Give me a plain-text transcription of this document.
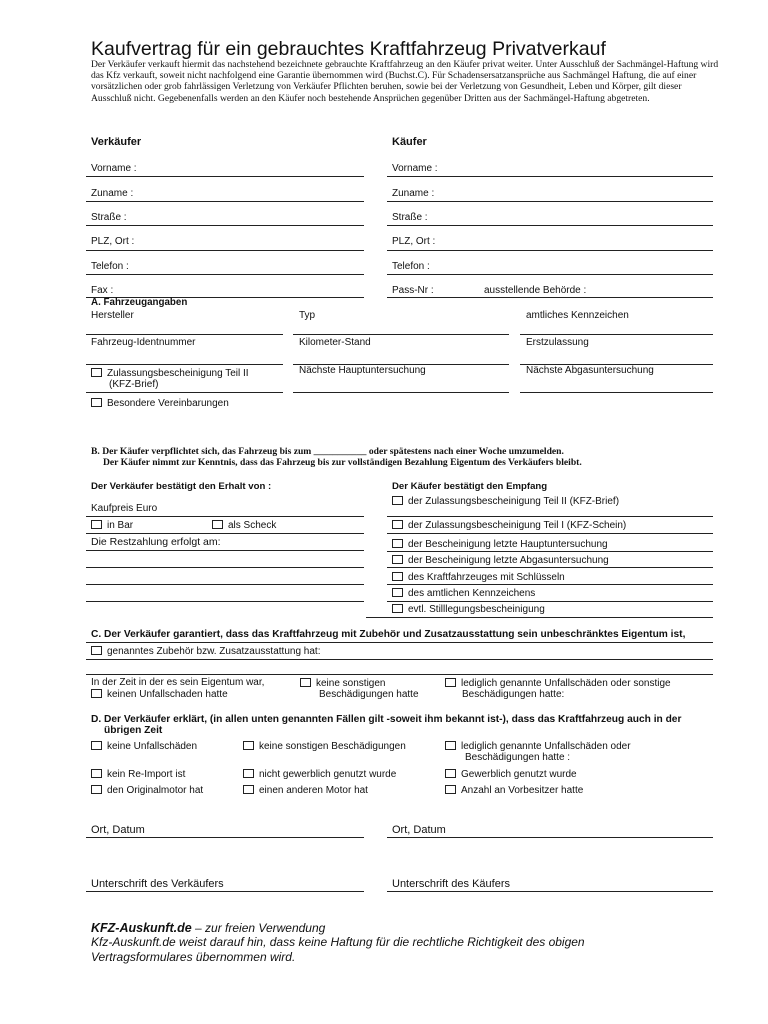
Kaufvertrag für ein gebrauchtes Kraftfahrzeug Privatverkauf
Der Verkäufer verkauft hiermit das nachstehend bezeichnete gebrauchte Kraftfahrzeug an den Käufer privat weiter. Unter Ausschluß der Sachmängel-Haftung wird das Kfz verkauft, soweit nicht nachfolgend eine Garantie übernommen wird (Buchst.C). Für Schadensersatzansprüche aus Sachmängel Haftung, die auf einer vorsätzlichen oder grob fahrlässigen Verletzung von Verkäufer Pflichten beruhen, sowie bei der Verletzung von Gesundheit, Leben und Körper, gilt dieser Ausschluß nicht. Gegebenenfalls werden an den Käufer noch bestehende Ansprüchen gegenüber Dritten aus der Sachmängel-Haftung abgetreten.
Verkäufer	Käufer
Vorname :
Zuname :
Straße :
PLZ, Ort :
Telefon :
Fax :
Vorname :
Zuname :
Straße :
PLZ, Ort :
Telefon :
Pass-Nr :	ausstellende Behörde :
A. Fahrzeugangaben
Hersteller	Typ	amtliches Kennzeichen
Fahrzeug-Identnummer	Kilometer-Stand	Erstzulassung
Zulassungsbescheinigung Teil II
(KFZ-Brief)
Nächste Hauptuntersuchung	Nächste Abgasuntersuchung
Besondere Vereinbarungen
B. Der Käufer verpflichtet sich, das Fahrzeug bis zum ___________ oder spätestens nach einer Woche umzumelden.
Der Käufer nimmt zur Kenntnis, dass das Fahrzeug bis zur vollständigen Bezahlung Eigentum des Verkäufers bleibt.
Der Verkäufer bestätigt den Erhalt von :	Der Käufer bestätigt den Empfang
Kaufpreis Euro
in Bar	als Scheck
Die Restzahlung erfolgt am:
der Zulassungsbescheinigung Teil II (KFZ-Brief)
der Zulassungsbescheinigung Teil I (KFZ-Schein)
der Bescheinigung letzte Hauptuntersuchung
der Bescheinigung letzte Abgasuntersuchung
des Kraftfahrzeuges mit Schlüsseln
des amtlichen Kennzeichens
evtl. Stilllegungsbescheinigung
C. Der Verkäufer garantiert, dass das Kraftfahrzeug mit Zubehör und Zusatzausstattung sein unbeschränktes Eigentum ist,
genanntes Zubehör bzw. Zusatzausstattung hat:
In der Zeit in der es sein Eigentum war,
keinen Unfallschaden hatte
keine sonstigen
Beschädigungen hatte
lediglich genannte Unfallschäden oder sonstige
Beschädigungen hatte:
D. Der Verkäufer erklärt, (in allen unten genannten Fällen gilt -soweit ihm bekannt ist-), dass das Kraftfahrzeug auch in der
übrigen Zeit
keine Unfallschäden	keine sonstigen Beschädigungen	lediglich genannte Unfallschäden oder
Beschädigungen hatte :
kein Re-Import ist	nicht gewerblich genutzt wurde	Gewerblich genutzt wurde
den Originalmotor hat	einen anderen Motor hat	Anzahl an Vorbesitzer hatte
Ort, Datum	Ort, Datum
Unterschrift des Verkäufers	Unterschrift des Käufers
KFZ-Auskunft.de – zur freien Verwendung
Kfz-Auskunft.de weist darauf hin, dass keine Haftung für die rechtliche Richtigkeit des obigen Vertragsformulares übernommen wird.
